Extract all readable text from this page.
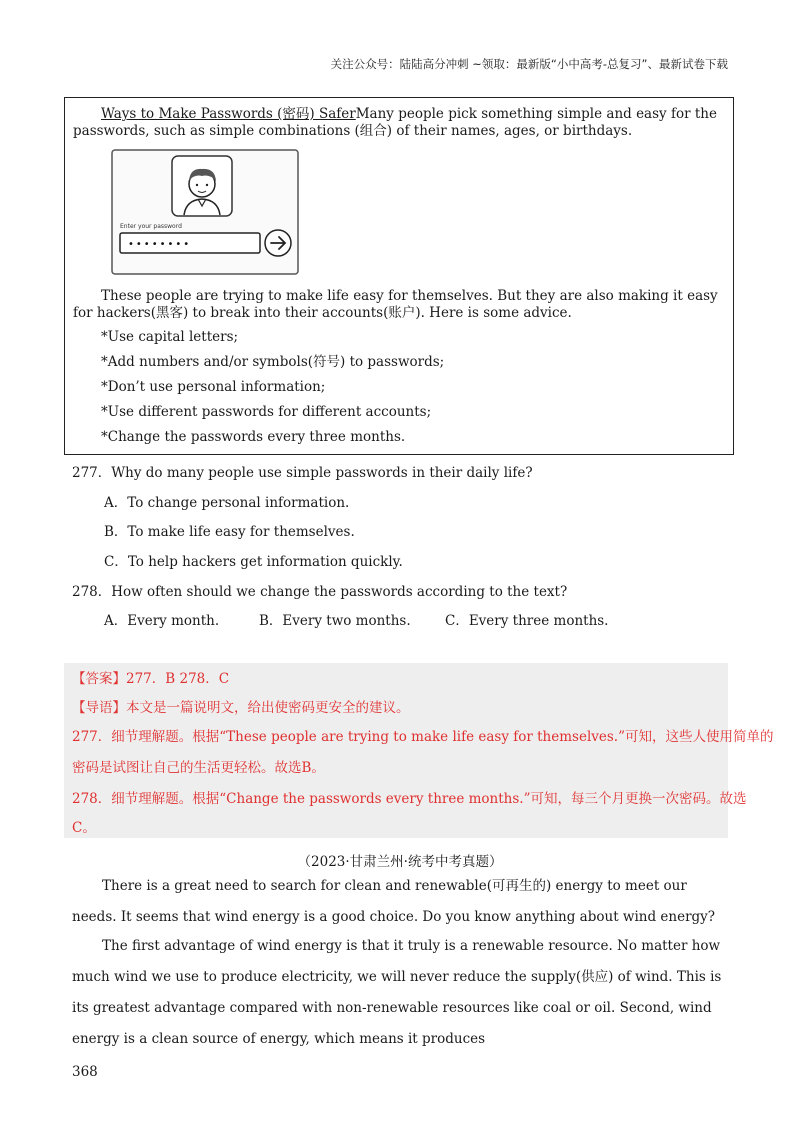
关注公众号：陆陆高分冲刺 ~领取：最新版“小中高考-总复习”、最新试卷下载

Ways to Make Passwords (密码) SaferMany people pick something simple and easy for the passwords, such as simple combinations (组合) of their names, ages, or birthdays.

Enter your password
••••••••

These people are trying to make life easy for themselves. But they are also making it easy for hackers(黑客) to break into their accounts(账户). Here is some advice.

*Use capital letters;
*Add numbers and/or symbols(符号) to passwords;
*Don’t use personal information;
*Use different passwords for different accounts;
*Change the passwords every three months.
277．Why do many people use simple passwords in their daily life?
A．To change personal information.
B．To make life easy for themselves.
C．To help hackers get information quickly.
278．How often should we change the passwords according to the text?
A．Every month.	B．Every two months.	C．Every three months.
【答案】277．B 278．C
【导语】本文是一篇说明文，给出使密码更安全的建议。
277．细节理解题。根据“These people are trying to make life easy for themselves.”可知，这些人使用简单的
密码是试图让自己的生活更轻松。故选B。
278．细节理解题。根据“Change the passwords every three months.”可知，每三个月更换一次密码。故选
C。
（2023·甘肃兰州·统考中考真题）
There is a great need to search for clean and renewable(可再生的) energy to meet our needs. It seems that wind energy is a good choice. Do you know anything about wind energy?
The first advantage of wind energy is that it truly is a renewable resource. No matter how much wind we use to produce electricity, we will never reduce the supply(供应) of wind. This is its greatest advantage compared with non-renewable resources like coal or oil. Second, wind energy is a clean source of energy, which means it produces
368
